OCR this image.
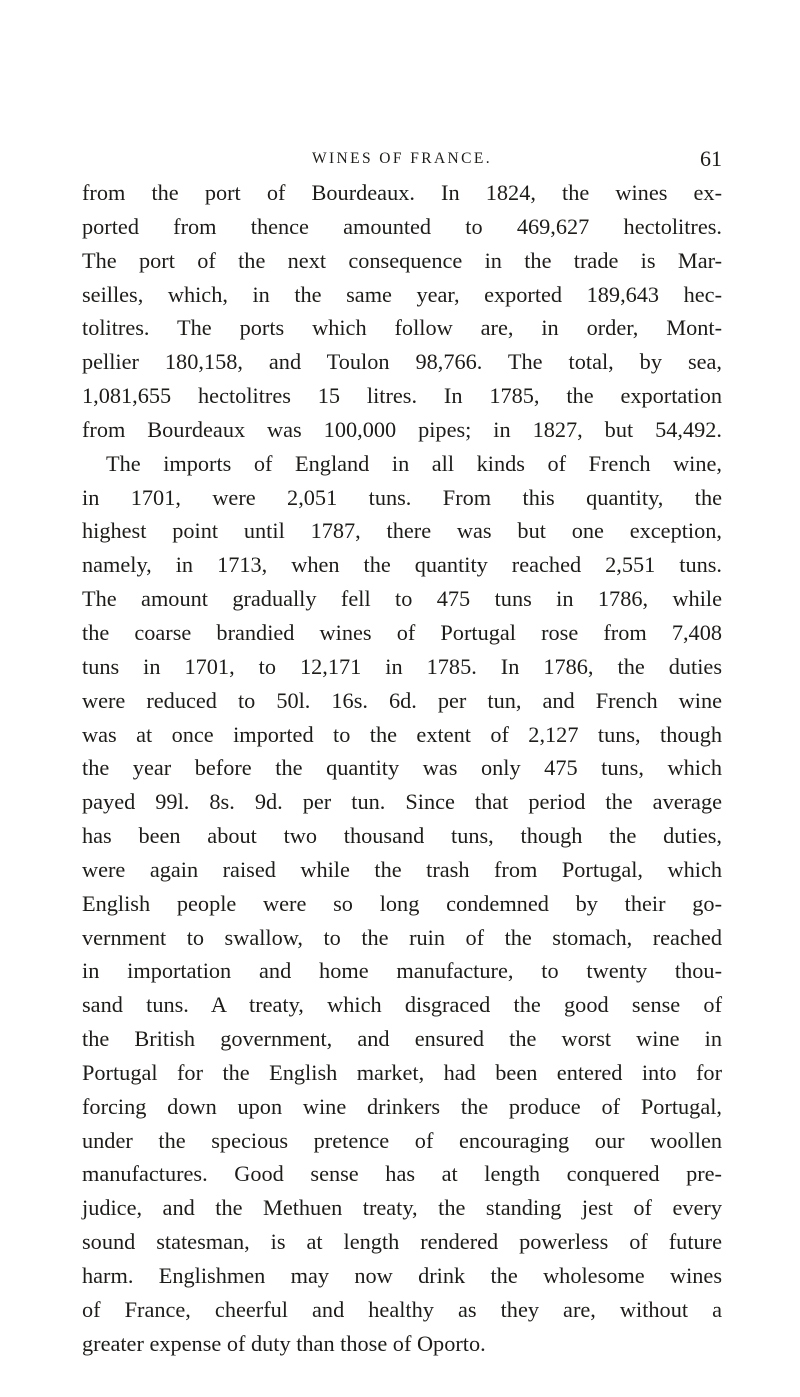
WINES OF FRANCE.	61
from the port of Bourdeaux. In 1824, the wines ex-
ported from thence amounted to 469,627 hectolitres.
The port of the next consequence in the trade is Mar-
seilles, which, in the same year, exported 189,643 hec-
tolitres. The ports which follow are, in order, Mont-
pellier 180,158, and Toulon 98,766. The total, by sea,
1,081,655 hectolitres 15 litres. In 1785, the exportation
from Bourdeaux was 100,000 pipes; in 1827, but 54,492.
The imports of England in all kinds of French wine,
in 1701, were 2,051 tuns. From this quantity, the
highest point until 1787, there was but one exception,
namely, in 1713, when the quantity reached 2,551 tuns.
The amount gradually fell to 475 tuns in 1786, while
the coarse brandied wines of Portugal rose from 7,408
tuns in 1701, to 12,171 in 1785. In 1786, the duties
were reduced to 50l. 16s. 6d. per tun, and French wine
was at once imported to the extent of 2,127 tuns, though
the year before the quantity was only 475 tuns, which
payed 99l. 8s. 9d. per tun. Since that period the average
has been about two thousand tuns, though the duties,
were again raised while the trash from Portugal, which
English people were so long condemned by their go-
vernment to swallow, to the ruin of the stomach, reached
in importation and home manufacture, to twenty thou-
sand tuns. A treaty, which disgraced the good sense of
the British government, and ensured the worst wine in
Portugal for the English market, had been entered into for
forcing down upon wine drinkers the produce of Portugal,
under the specious pretence of encouraging our woollen
manufactures. Good sense has at length conquered pre-
judice, and the Methuen treaty, the standing jest of every
sound statesman, is at length rendered powerless of future
harm. Englishmen may now drink the wholesome wines
of France, cheerful and healthy as they are, without a
greater expense of duty than those of Oporto.
